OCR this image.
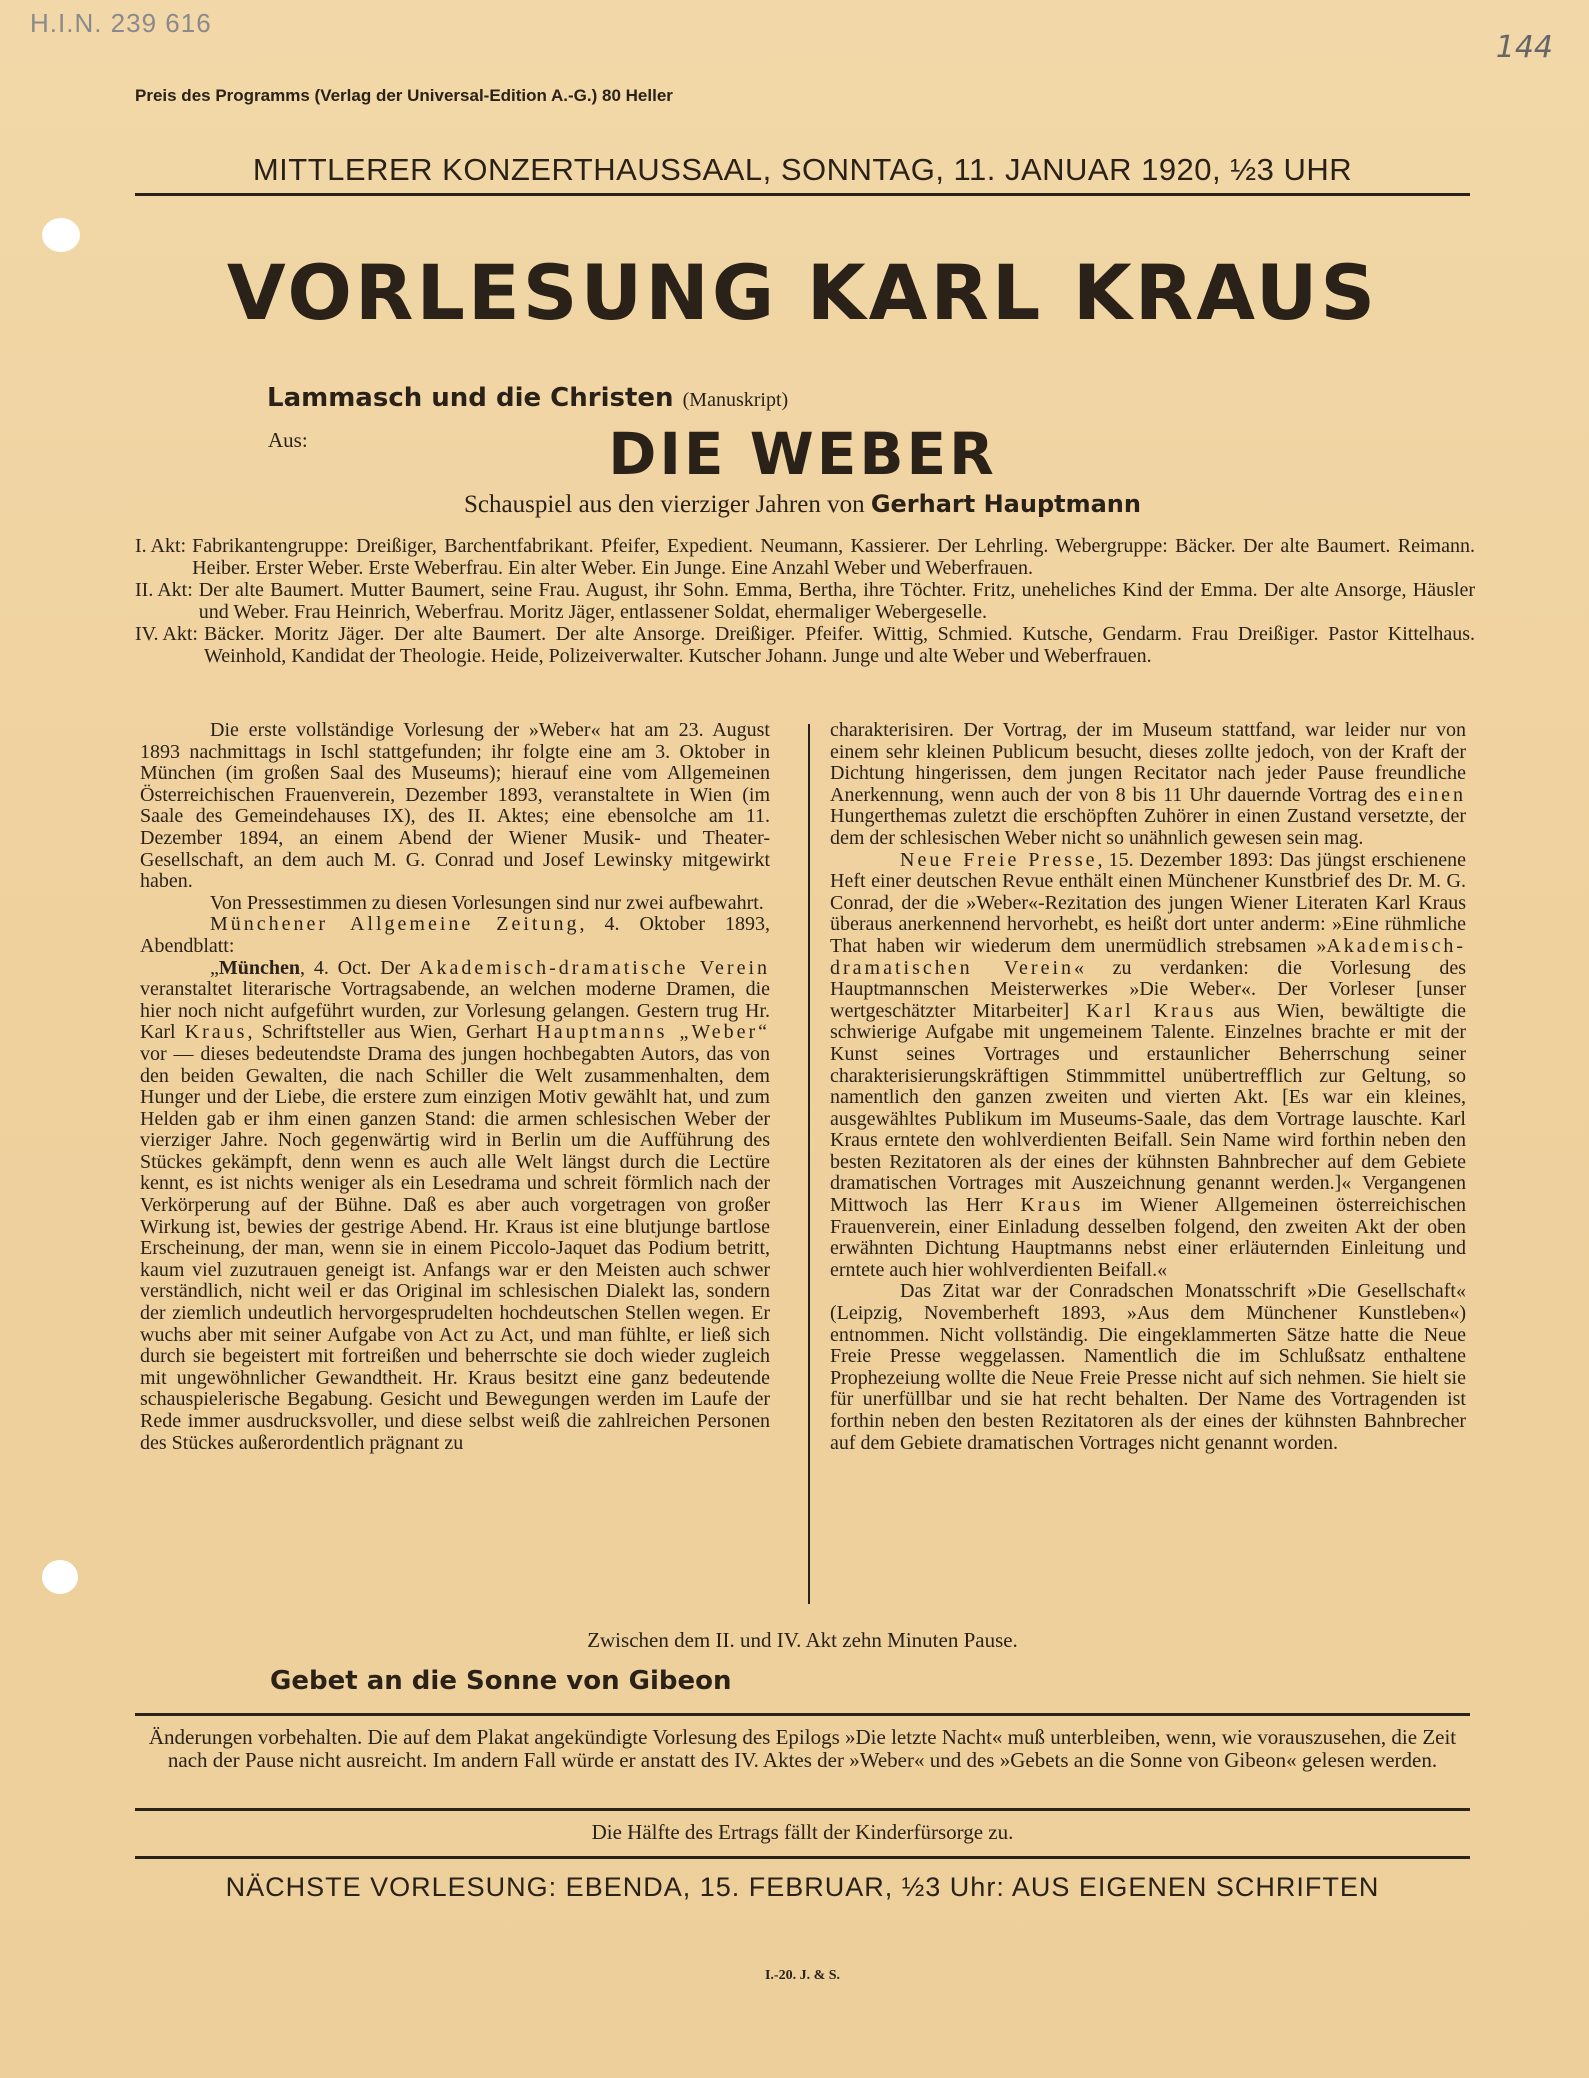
H.I.N. 239 616
144
Preis des Programms (Verlag der Universal-Edition A.-G.) 80 Heller
MITTLERER KONZERTHAUSSAAL, SONNTAG, 11. JANUAR 1920, ½3 UHR
VORLESUNG KARL KRAUS
Lammasch und die Christen (Manuskript)
Aus:	DIE WEBER
Schauspiel aus den vierziger Jahren von Gerhart Hauptmann
I. Akt: Fabrikantengruppe: Dreißiger, Barchentfabrikant. Pfeifer, Expedient. Neumann, Kassierer. Der Lehrling. Webergruppe: Bäcker. Der alte Baumert. Reimann. Heiber. Erster Weber. Erste Weberfrau. Ein alter Weber. Ein Junge. Eine Anzahl Weber und Weberfrauen.
II. Akt: Der alte Baumert. Mutter Baumert, seine Frau. August, ihr Sohn. Emma, Bertha, ihre Töchter. Fritz, uneheliches Kind der Emma. Der alte Ansorge, Häusler und Weber. Frau Heinrich, Weberfrau. Moritz Jäger, entlassener Soldat, ehermaliger Webergeselle.
IV. Akt: Bäcker. Moritz Jäger. Der alte Baumert. Der alte Ansorge. Dreißiger. Pfeifer. Wittig, Schmied. Kutsche, Gendarm. Frau Dreißiger. Pastor Kittelhaus. Weinhold, Kandidat der Theologie. Heide, Polizeiverwalter. Kutscher Johann. Junge und alte Weber und Weberfrauen.

Die erste vollständige Vorlesung der »Weber« hat am 23. August 1893 nachmittags in Ischl stattgefunden; ihr folgte eine am 3. Oktober in München (im großen Saal des Museums); hierauf eine vom Allgemeinen Österreichischen Frauenverein, Dezember 1893, veranstaltete in Wien (im Saale des Gemeindehauses IX), des II. Aktes; eine ebensolche am 11. Dezember 1894, an einem Abend der Wiener Musik- und Theater-Gesellschaft, an dem auch M. G. Conrad und Josef Lewinsky mitgewirkt haben.

Von Pressestimmen zu diesen Vorlesungen sind nur zwei aufbewahrt.

Münchener Allgemeine Zeitung, 4. Oktober 1893, Abendblatt:

„München, 4. Oct. Der Akademisch-dramatische Verein veranstaltet literarische Vortragsabende, an welchen moderne Dramen, die hier noch nicht aufgeführt wurden, zur Vorlesung gelangen. Gestern trug Hr. Karl Kraus, Schriftsteller aus Wien, Gerhart Hauptmanns „Weber“ vor — dieses bedeutendste Drama des jungen hochbegabten Autors, das von den beiden Gewalten, die nach Schiller die Welt zusammenhalten, dem Hunger und der Liebe, die erstere zum einzigen Motiv gewählt hat, und zum Helden gab er ihm einen ganzen Stand: die armen schlesischen Weber der vierziger Jahre. Noch gegenwärtig wird in Berlin um die Aufführung des Stückes gekämpft, denn wenn es auch alle Welt längst durch die Lectüre kennt, es ist nichts weniger als ein Lesedrama und schreit förmlich nach der Verkörperung auf der Bühne. Daß es aber auch vorgetragen von großer Wirkung ist, bewies der gestrige Abend. Hr. Kraus ist eine blutjunge bartlose Erscheinung, der man, wenn sie in einem Piccolo-Jaquet das Podium betritt, kaum viel zuzutrauen geneigt ist. Anfangs war er den Meisten auch schwer verständlich, nicht weil er das Original im schlesischen Dialekt las, sondern der ziemlich undeutlich hervorgesprudelten hochdeutschen Stellen wegen. Er wuchs aber mit seiner Aufgabe von Act zu Act, und man fühlte, er ließ sich durch sie begeistert mit fortreißen und beherrschte sie doch wieder zugleich mit ungewöhnlicher Gewandtheit. Hr. Kraus besitzt eine ganz bedeutende schauspielerische Begabung. Gesicht und Bewegungen werden im Laufe der Rede immer ausdrucksvoller, und diese selbst weiß die zahlreichen Personen des Stückes außerordentlich prägnant zu

charakterisiren. Der Vortrag, der im Museum stattfand, war leider nur von einem sehr kleinen Publicum besucht, dieses zollte jedoch, von der Kraft der Dichtung hingerissen, dem jungen Recitator nach jeder Pause freundliche Anerkennung, wenn auch der von 8 bis 11 Uhr dauernde Vortrag des einen Hungerthemas zuletzt die erschöpften Zuhörer in einen Zustand versetzte, der dem der schlesischen Weber nicht so unähnlich gewesen sein mag.

Neue Freie Presse, 15. Dezember 1893: Das jüngst erschienene Heft einer deutschen Revue enthält einen Münchener Kunstbrief des Dr. M. G. Conrad, der die »Weber«-Rezitation des jungen Wiener Literaten Karl Kraus überaus anerkennend hervorhebt, es heißt dort unter anderm: »Eine rühmliche That haben wir wiederum dem unermüdlich strebsamen »Akademisch-dramatischen Verein« zu verdanken: die Vorlesung des Hauptmannschen Meisterwerkes »Die Weber«. Der Vorleser [unser wertgeschätzter Mitarbeiter] Karl Kraus aus Wien, bewältigte die schwierige Aufgabe mit ungemeinem Talente. Einzelnes brachte er mit der Kunst seines Vortrages und erstaunlicher Beherrschung seiner charakterisierungskräftigen Stimmmittel unübertrefflich zur Geltung, so namentlich den ganzen zweiten und vierten Akt. [Es war ein kleines, ausgewähltes Publikum im Museums-Saale, das dem Vortrage lauschte. Karl Kraus erntete den wohlverdienten Beifall. Sein Name wird forthin neben den besten Rezitatoren als der eines der kühnsten Bahnbrecher auf dem Gebiete dramatischen Vortrages mit Auszeichnung genannt werden.]« Vergangenen Mittwoch las Herr Kraus im Wiener Allgemeinen österreichischen Frauenverein, einer Einladung desselben folgend, den zweiten Akt der oben erwähnten Dichtung Hauptmanns nebst einer erläuternden Einleitung und erntete auch hier wohlverdienten Beifall.«

Das Zitat war der Conradschen Monatsschrift »Die Gesellschaft« (Leipzig, Novemberheft 1893, »Aus dem Münchener Kunstleben«) entnommen. Nicht vollständig. Die eingeklammerten Sätze hatte die Neue Freie Presse weggelassen. Namentlich die im Schlußsatz enthaltene Prophezeiung wollte die Neue Freie Presse nicht auf sich nehmen. Sie hielt sie für unerfüllbar und sie hat recht behalten. Der Name des Vortragenden ist forthin neben den besten Rezitatoren als der eines der kühnsten Bahnbrecher auf dem Gebiete dramatischen Vortrages nicht genannt worden.

Zwischen dem II. und IV. Akt zehn Minuten Pause.
Gebet an die Sonne von Gibeon
Änderungen vorbehalten. Die auf dem Plakat angekündigte Vorlesung des Epilogs »Die letzte Nacht« muß unterbleiben, wenn, wie vorauszusehen, die Zeit nach der Pause nicht ausreicht. Im andern Fall würde er anstatt des IV. Aktes der »Weber« und des »Gebets an die Sonne von Gibeon« gelesen werden.
Die Hälfte des Ertrags fällt der Kinderfürsorge zu.
NÄCHSTE VORLESUNG: EBENDA, 15. FEBRUAR, ½3 Uhr: AUS EIGENEN SCHRIFTEN
I.-20. J. & S.
